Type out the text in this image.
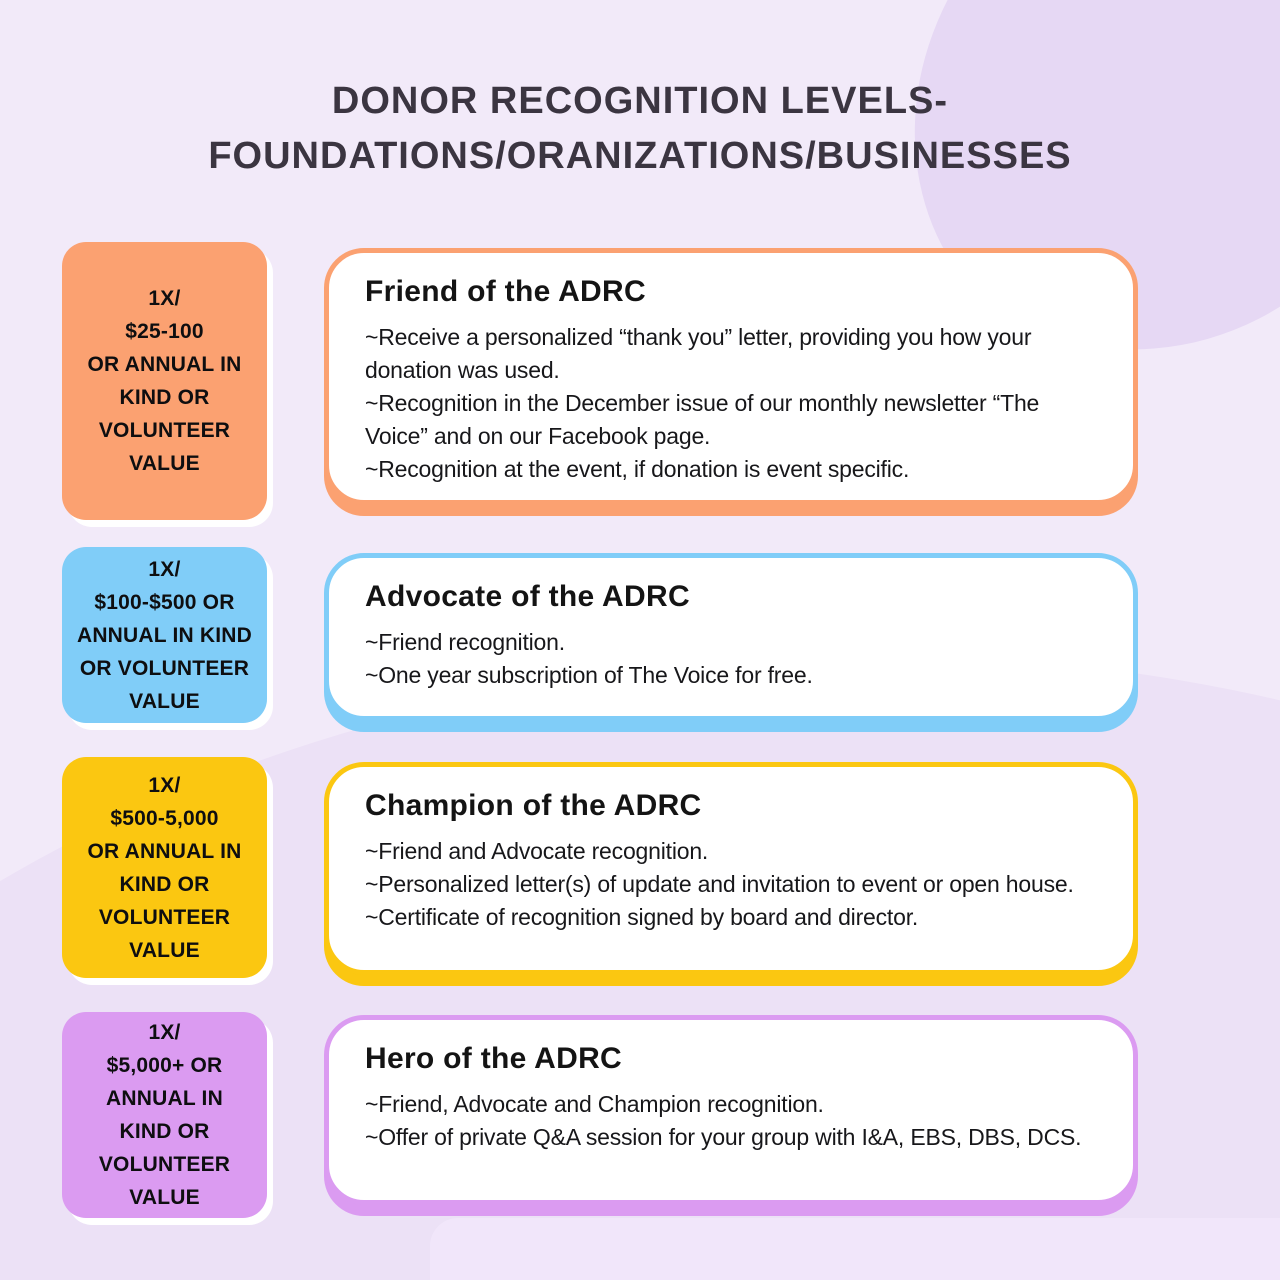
DONOR RECOGNITION LEVELS-
FOUNDATIONS/ORANIZATIONS/BUSINESSES
1X/
$25-100
OR ANNUAL IN
KIND OR
VOLUNTEER
VALUE
Friend of the ADRC
~Receive a personalized “thank you” letter, providing you how your donation was used.
~Recognition in the December issue of our monthly newsletter “The Voice” and on our Facebook page.
~Recognition at the event, if donation is event specific.
1X/
$100-$500 OR
ANNUAL IN KIND
OR VOLUNTEER
VALUE
Advocate of the ADRC
~Friend recognition.
~One year subscription of The Voice for free.
1X/
$500-5,000
OR ANNUAL IN
KIND OR
VOLUNTEER
VALUE
Champion of the ADRC
~Friend and Advocate recognition.
~Personalized letter(s) of update and invitation to event or open house.
~Certificate of recognition signed by board and director.
1X/
$5,000+ OR
ANNUAL IN
KIND OR
VOLUNTEER
VALUE
Hero of the ADRC
~Friend, Advocate and Champion recognition.
~Offer of private Q&A session for your group with I&A, EBS, DBS, DCS.
